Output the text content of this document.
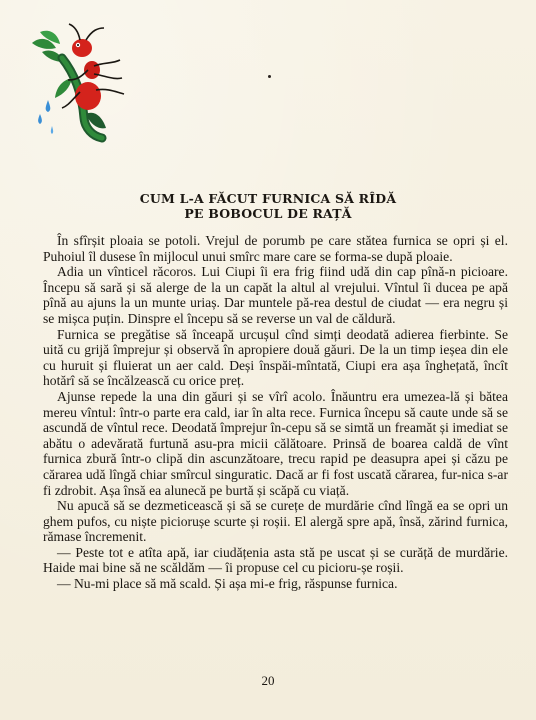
CUM L-A FĂCUT FURNICA SĂ RÎDĂ
PE BOBOCUL DE RAȚĂ

În sfîrșit ploaia se potoli. Vrejul de porumb pe care stătea furnica se opri și el. Puhoiul îl dusese în mijlocul unui smîrc mare care se forma-se după ploaie.

Adia un vînticel răcoros. Lui Ciupi îi era frig fiind udă din cap pînă-n picioare. Începu să sară și să alerge de la un capăt la altul al vrejului. Vîntul îi ducea pe apă pînă au ajuns la un munte uriaș. Dar muntele pă-rea destul de ciudat — era negru și se mișca puțin. Dinspre el începu să se reverse un val de căldură.

Furnica se pregătise să înceapă urcușul cînd simți deodată adierea fierbinte. Se uită cu grijă împrejur și observă în apropiere două găuri. De la un timp ieșea din ele cu huruit și fluierat un aer cald. Deși înspăi-mîntată, Ciupi era așa înghețată, încît hotărî să se încălzească cu orice preț.

Ajunse repede la una din găuri și se vîrî acolo. Înăuntru era umezea-lă și bătea mereu vîntul: într-o parte era cald, iar în alta rece. Furnica începu să caute unde să se ascundă de vîntul rece. Deodată împrejur în-cepu să se simtă un freamăt și imediat se abătu o adevărată furtună asu-pra micii călătoare. Prinsă de boarea caldă de vînt furnica zbură într-o clipă din ascunzătoare, trecu rapid pe deasupra apei și căzu pe cărarea udă lîngă chiar smîrcul singuratic. Dacă ar fi fost uscată cărarea, fur-nica s-ar fi zdrobit. Așa însă ea alunecă pe burtă și scăpă cu viață.

Nu apucă să se dezmeticească și să se curețe de murdărie cînd lîngă ea se opri un ghem pufos, cu niște piciorușe scurte și roșii. El alergă spre apă, însă, zărind furnica, rămase încremenit.

— Peste tot e atîta apă, iar ciudățenia asta stă pe uscat și se curăță de murdărie. Haide mai bine să ne scăldăm — îi propuse cel cu picioru-șe roșii.

— Nu-mi place să mă scald. Și așa mi-e frig, răspunse furnica.

20
